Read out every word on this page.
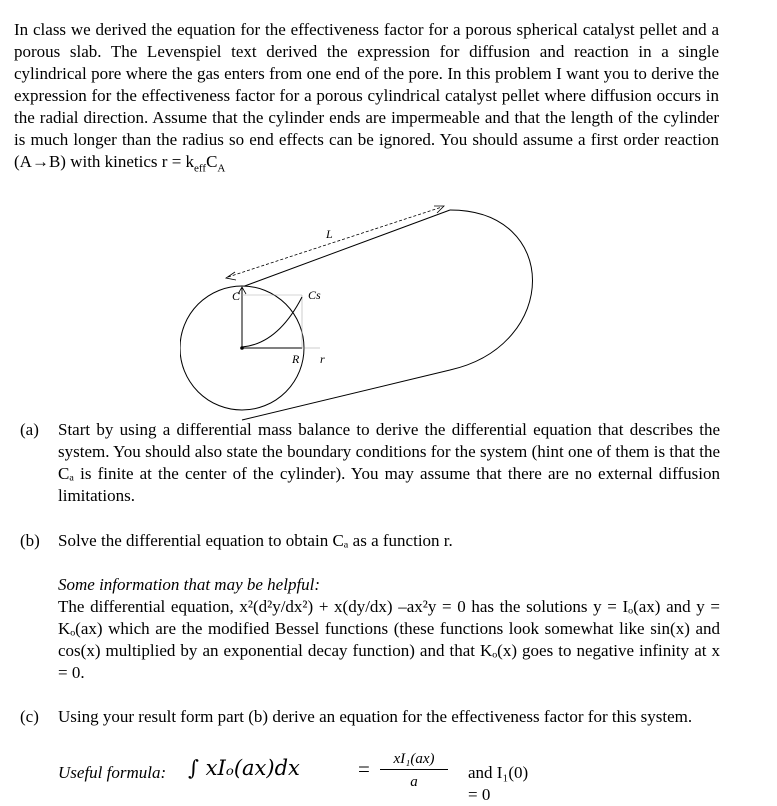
In class we derived the equation for the effectiveness factor for a porous spherical catalyst pellet and a porous slab. The Levenspiel text derived the expression for diffusion and reaction in a single cylindrical pore where the gas enters from one end of the pore. In this problem I want you to derive the expression for the effectiveness factor for a porous cylindrical catalyst pellet where diffusion occurs in the radial direction. Assume that the cylinder ends are impermeable and that the length of the cylinder is much longer than the radius so end effects can be ignored. You should assume a first order reaction (A→B) with kinetics $r = k_{eff}C_A$

L
C	Cs
R r
(a)	Start by using a differential mass balance to derive the differential equation that describes the system. You should also state the boundary conditions for the system (hint one of them is that the Cₐ is finite at the center of the cylinder). You may assume that there are no external diffusion limitations.
(b)	Solve the differential equation to obtain Cₐ as a function r.
Some information that may be helpful:
The differential equation, x²(d²y/dx²) + x(dy/dx) –ax²y = 0 has the solutions y = Iₒ(ax) and y = Kₒ(ax) which are the modified Bessel functions (these functions look somewhat like sin(x) and cos(x) multiplied by an exponential decay function) and that Kₒ(x) goes to negative infinity at x = 0.
(c)	Using your result form part (b) derive an equation for the effectiveness factor for this system.
Useful formula: ∫ xIₒ(ax)dx	= $\frac{\text{xI₁(ax)}}{a}$ and I₁(0) = 0
